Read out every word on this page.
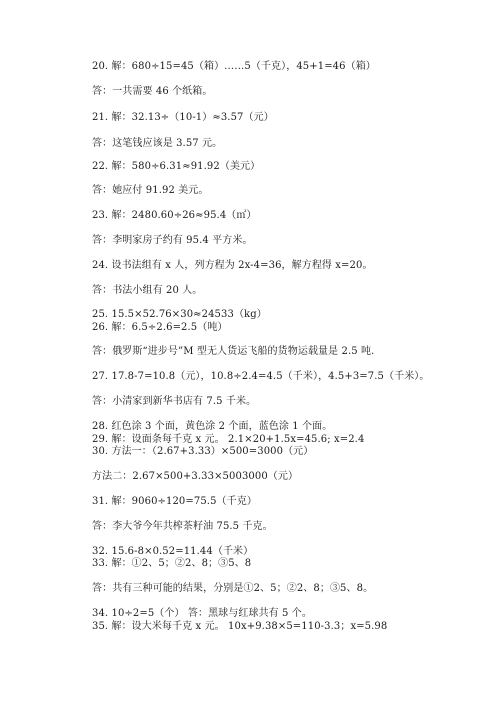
20. 解：680÷15=45（箱）……5（千克），45+1=46（箱）
答：一共需要 46 个纸箱。
21. 解：32.13÷（10-1）≈3.57（元）
答：这笔钱应该是 3.57 元。
22. 解：580÷6.31≈91.92（美元）
答：她应付 91.92 美元。
23. 解：2480.60÷26≈95.4（㎡）
答：李明家房子约有 95.4 平方米。
24. 设书法组有 x 人，列方程为 2x-4=36，解方程得 x=20。
答：书法小组有 20 人。
25. 15.5×52.76×30≈24533（kg）
26. 解：6.5÷2.6=2.5（吨）
答：俄罗斯“进步号”M 型无人货运飞船的货物运载量是 2.5 吨.
27. 17.8-7=10.8（元），10.8÷2.4=4.5（千米），4.5+3=7.5（千米）。
答：小清家到新华书店有 7.5 千米。
28. 红色涂 3 个面，黄色涂 2 个面，蓝色涂 1 个面。
29. 解：设面条每千克 x 元。 2.1×20+1.5x=45.6; x=2.4
30. 方法一：（2.67+3.33）×500=3000（元）
方法二：2.67×500+3.33×5003000（元）
31. 解：9060÷120=75.5（千克）
答：李大爷今年共榨茶籽油 75.5 千克。
32. 15.6-8×0.52=11.44（千米）
33. 解：①2、5；②2、8；③5、8
答：共有三种可能的结果，分别是①2、5；②2、8；③5、8。
34. 10÷2=5（个） 答：黑球与红球共有 5 个。
35. 解：设大米每千克 x 元。 10x+9.38×5=110-3.3；x=5.98
